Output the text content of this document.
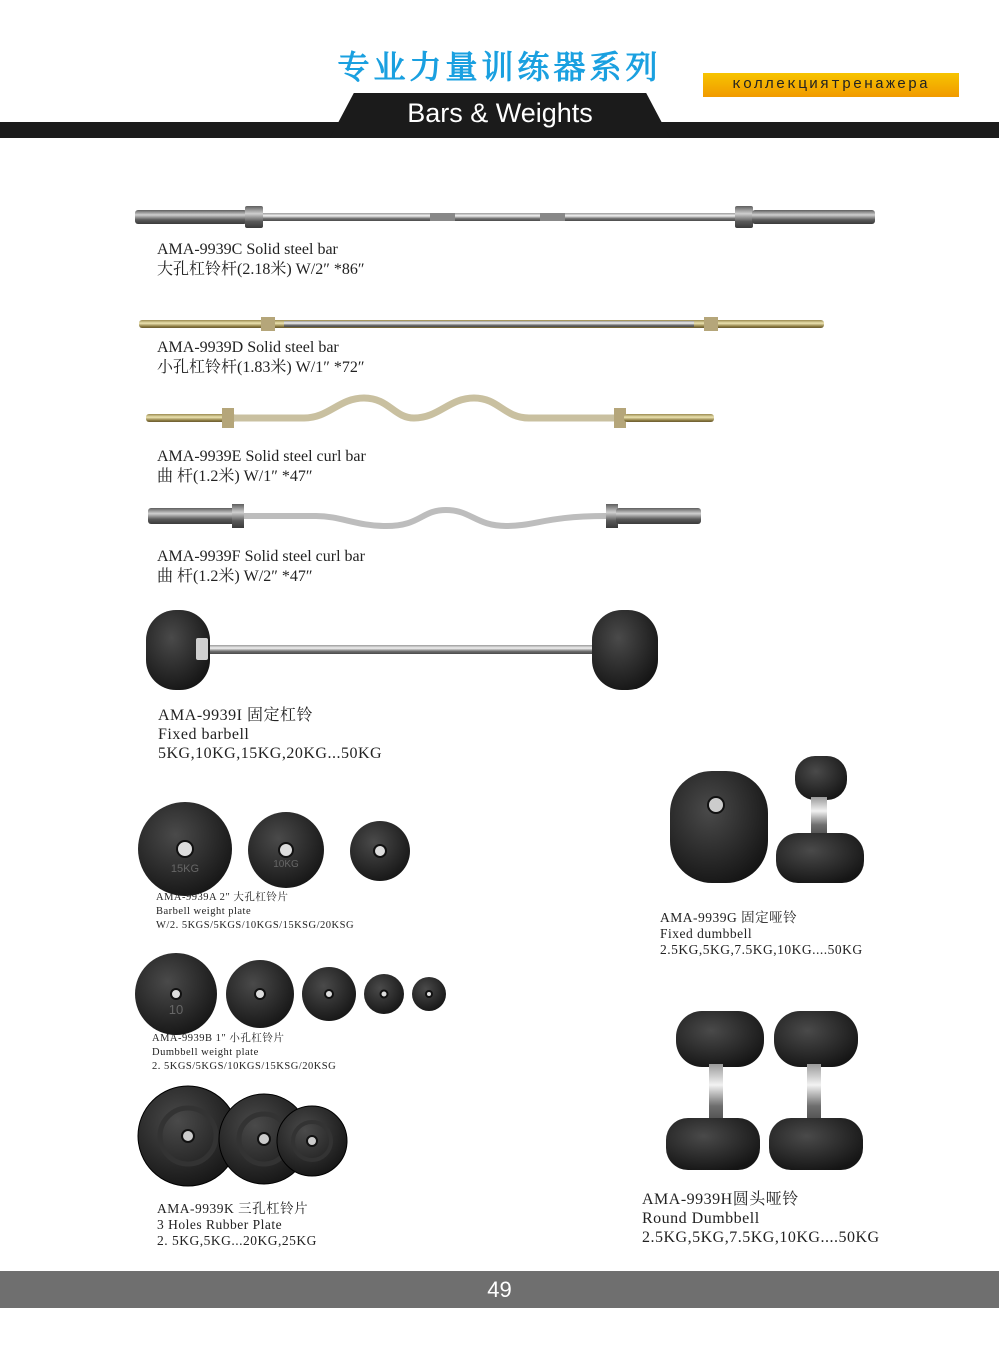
专业力量训练器系列	коллекциятренажера
Bars & Weights
AMA-9939C Solid steel bar
大孔杠铃杆(2.18米) W/2″ *86″
AMA-9939D Solid steel bar
小孔杠铃杆(1.83米) W/1″ *72″
AMA-9939E Solid steel curl bar
曲 杆(1.2米) W/1″ *47″
AMA-9939F Solid steel curl bar
曲 杆(1.2米) W/2″ *47″
AMA-9939I 固定杠铃
Fixed barbell
5KG,10KG,15KG,20KG...50KG
15KG	10KG
AMA-9939A 2″ 大孔杠铃片
Barbell weight plate
W/2. 5KGS/5KGS/10KGS/15KSG/20KSG
10
AMA-9939B 1″ 小孔杠铃片
Dumbbell weight plate
2. 5KGS/5KGS/10KGS/15KSG/20KSG
AMA-9939K 三孔杠铃片
3 Holes Rubber Plate
2. 5KG,5KG...20KG,25KG
AMA-9939G 固定哑铃
Fixed dumbbell
2.5KG,5KG,7.5KG,10KG....50KG
AMA-9939H圆头哑铃
Round Dumbbell
2.5KG,5KG,7.5KG,10KG....50KG
49
